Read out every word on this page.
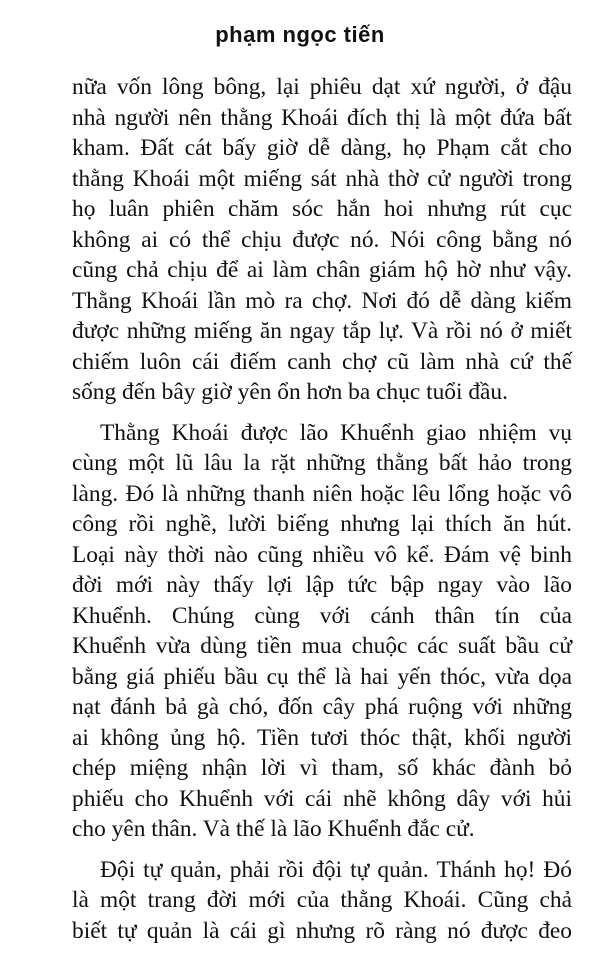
phạm ngọc tiến
nữa vốn lông bông, lại phiêu dạt xứ người, ở đậu
nhà người nên thằng Khoái đích thị là một đứa bất
kham. Đất cát bấy giờ dễ dàng, họ Phạm cắt cho
thằng Khoái một miếng sát nhà thờ cử người trong
họ luân phiên chăm sóc hắn hoi nhưng rút cục
không ai có thể chịu được nó. Nói công bằng nó
cũng chả chịu để ai làm chân giám hộ hờ như vậy.
Thằng Khoái lần mò ra chợ. Nơi đó dễ dàng kiếm
được những miếng ăn ngay tắp lự. Và rồi nó ở miết
chiếm luôn cái điếm canh chợ cũ làm nhà cứ thế
sống đến bây giờ yên ổn hơn ba chục tuổi đầu.
Thằng Khoái được lão Khuểnh giao nhiệm vụ
cùng một lũ lâu la rặt những thằng bất hảo trong
làng. Đó là những thanh niên hoặc lêu lổng hoặc vô
công rồi nghề, lười biếng nhưng lại thích ăn hút.
Loại này thời nào cũng nhiều vô kể. Đám vệ binh
đời mới này thấy lợi lập tức bập ngay vào lão
Khuểnh. Chúng cùng với cánh thân tín của
Khuểnh vừa dùng tiền mua chuộc các suất bầu cử
bằng giá phiếu bầu cụ thể là hai yến thóc, vừa dọa
nạt đánh bả gà chó, đốn cây phá ruộng với những
ai không ủng hộ. Tiền tươi thóc thật, khối người
chép miệng nhận lời vì tham, số khác đành bỏ
phiếu cho Khuểnh với cái nhẽ không dây với hủi
cho yên thân. Và thế là lão Khuểnh đắc cử.
Đội tự quản, phải rồi đội tự quản. Thánh họ! Đó
là một trang đời mới của thằng Khoái. Cũng chả
biết tự quản là cái gì nhưng rõ ràng nó được đeo
